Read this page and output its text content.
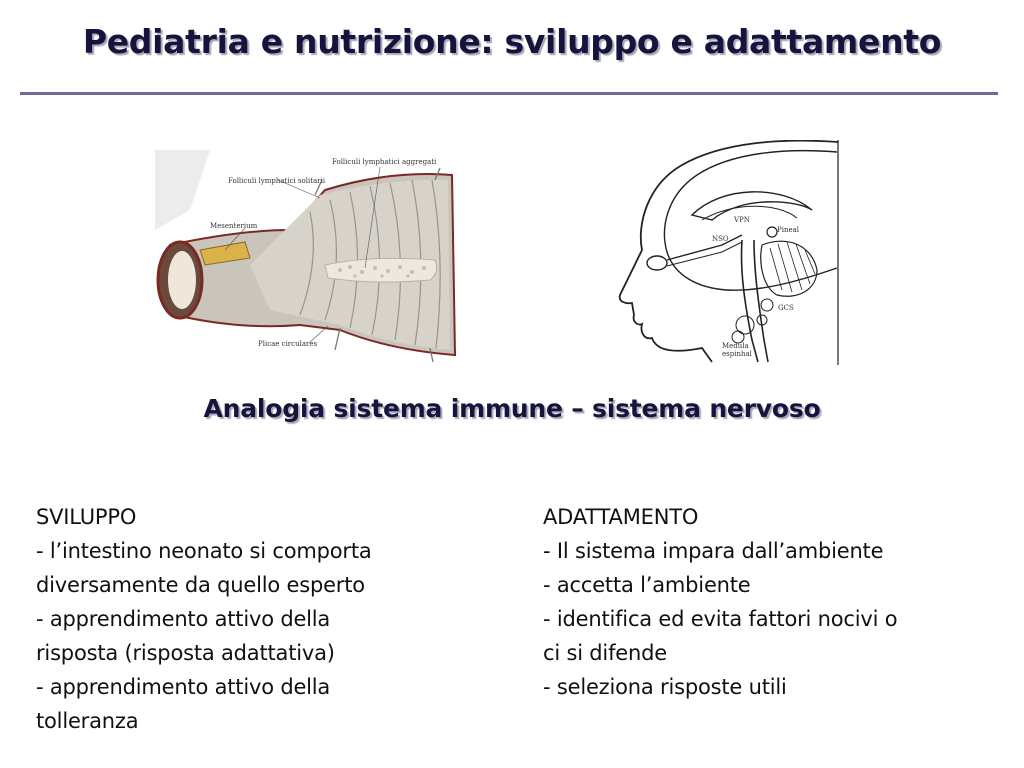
Pediatria e nutrizione: sviluppo e adattamento
Folliculi lymphatici solitarii
Folliculi lymphatici aggregati
Mesenterium
Plicae circulares
Pineal
VPN
NSO
GCS
Medula
espinhal
Analogia sistema immune – sistema nervoso
SVILUPPO
- l’intestino neonato si comporta
diversamente da quello esperto
- apprendimento attivo della
risposta (risposta adattativa)
- apprendimento attivo della
tolleranza
ADATTAMENTO
- Il sistema impara dall’ambiente
- accetta l’ambiente
- identifica ed evita fattori nocivi o
ci si difende
- seleziona risposte utili
